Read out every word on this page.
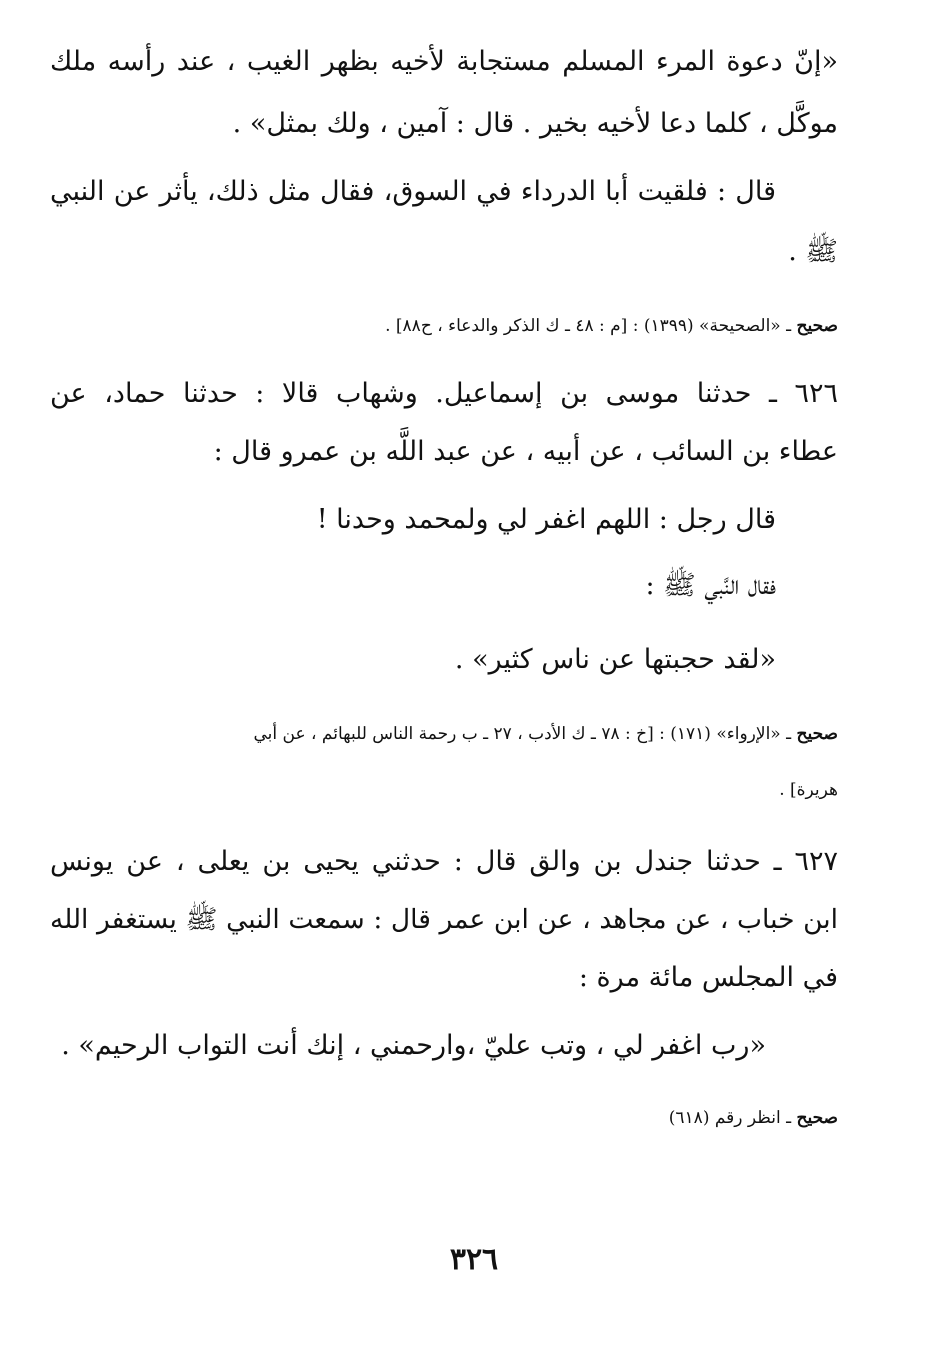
«إنّ دعوة المرء المسلم مستجابة لأخيه بظهر الغيب ، عند رأسه ملك
موكَّل ، كلما دعا لأخيه بخير . قال : آمين ، ولك بمثل» .
قال : فلقيت أبا الدرداء في السوق، فقال مثل ذلك، يأثر عن النبي
ﷺ .
صحيح ـ «الصحيحة» (١٣٩٩) : [م : ٤٨ ـ ك الذكر والدعاء ، ح٨٨] .
٦٢٦ ـ حدثنا موسى بن إسماعيل. وشهاب قالا : حدثنا حماد، عن
عطاء بن السائب ، عن أبيه ، عن عبد اللَّه بن عمرو قال :
قال رجل : اللهم اغفر لي ولمحمد وحدنا !
فقال النَّبي ﷺ :
«لقد حجبتها عن ناس كثير» .
صحيح ـ «الإرواء» (١٧١) : [خ : ٧٨ ـ ك الأدب ، ٢٧ ـ ب رحمة الناس للبهائم ، عن أبي
هريرة] .
٦٢٧ ـ حدثنا جندل بن والق قال : حدثني يحيى بن يعلى ، عن يونس
ابن خباب ، عن مجاهد ، عن ابن عمر قال : سمعت النبي ﷺ يستغفر الله
في المجلس مائة مرة :
«رب اغفر لي ، وتب عليّ ،وارحمني ، إنك أنت التواب الرحيم» .
صحيح ـ انظر رقم (٦١٨)
٣٢٦
